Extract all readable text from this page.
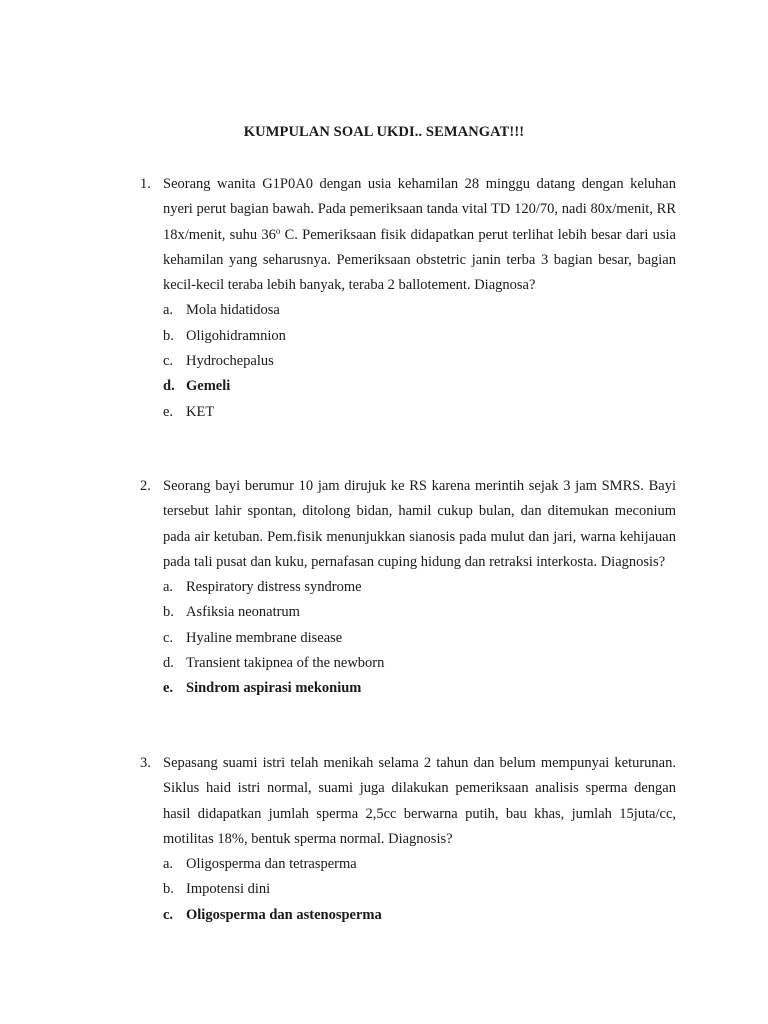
KUMPULAN SOAL UKDI.. SEMANGAT!!!
1. Seorang wanita G1P0A0 dengan usia kehamilan 28 minggu datang dengan keluhan nyeri perut bagian bawah. Pada pemeriksaan tanda vital TD 120/70, nadi 80x/menit, RR 18x/menit, suhu 36$^o$ C. Pemeriksaan fisik didapatkan perut terlihat lebih besar dari usia kehamilan yang seharusnya. Pemeriksaan obstetric janin terba 3 bagian besar, bagian kecil-kecil teraba lebih banyak, teraba 2 ballotement. Diagnosa?
a. Mola hidatidosa
b. Oligohidramnion
c. Hydrochepalus
d. Gemeli
e. KET
2. Seorang bayi berumur 10 jam dirujuk ke RS karena merintih sejak 3 jam SMRS. Bayi tersebut lahir spontan, ditolong bidan, hamil cukup bulan, dan ditemukan meconium pada air ketuban. Pem.fisik menunjukkan sianosis pada mulut dan jari, warna kehijauan pada tali pusat dan kuku, pernafasan cuping hidung dan retraksi interkosta. Diagnosis?
a. Respiratory distress syndrome
b. Asfiksia neonatrum
c. Hyaline membrane disease
d. Transient takipnea of the newborn
e. Sindrom aspirasi mekonium
3. Sepasang suami istri telah menikah selama 2 tahun dan belum mempunyai keturunan. Siklus haid istri normal, suami juga dilakukan pemeriksaan analisis sperma dengan hasil didapatkan jumlah sperma 2,5cc berwarna putih, bau khas, jumlah 15juta/cc, motilitas 18%, bentuk sperma normal. Diagnosis?
a. Oligosperma dan tetrasperma
b. Impotensi dini
c. Oligosperma dan astenosperma
